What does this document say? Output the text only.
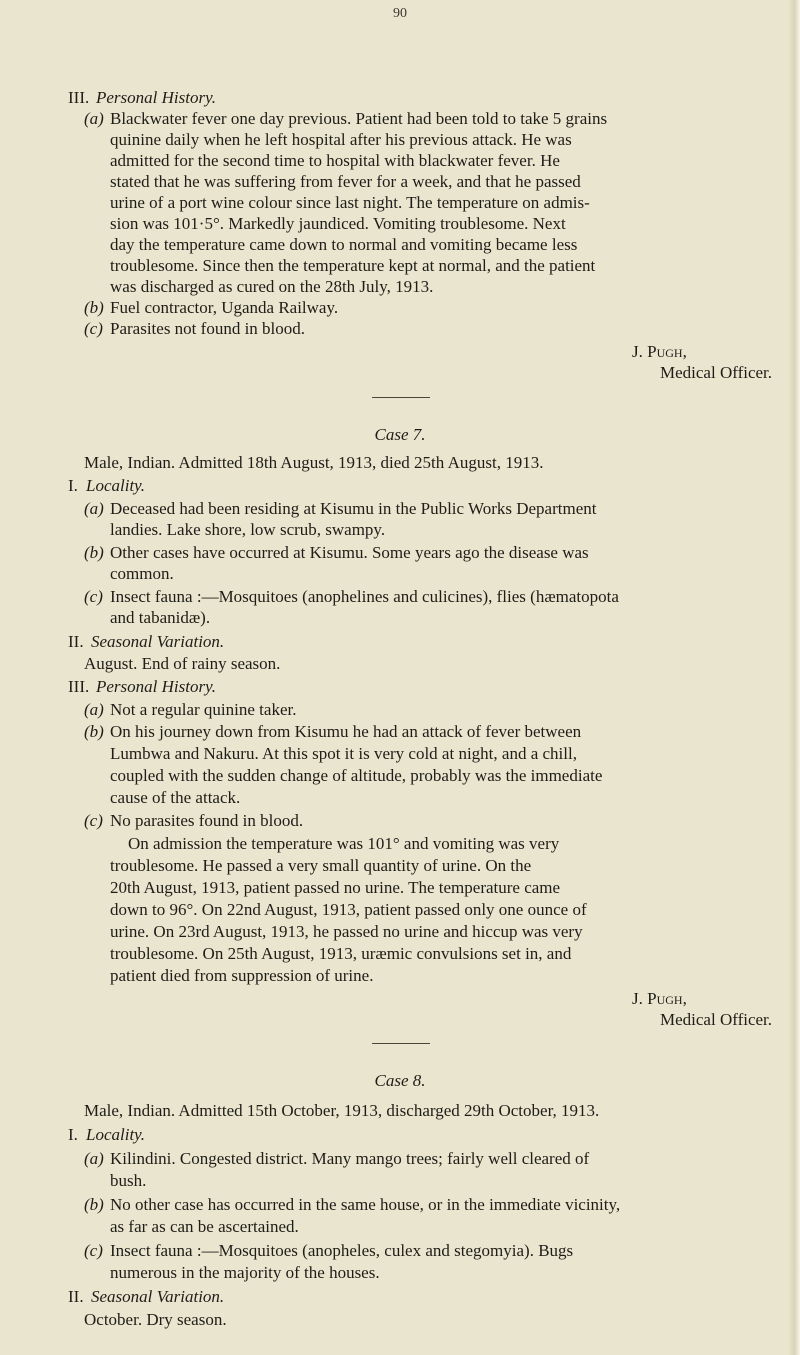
90
III. Personal History.
(a) Blackwater fever one day previous. Patient had been told to take 5 grains
quinine daily when he left hospital after his previous attack. He was
admitted for the second time to hospital with blackwater fever. He
stated that he was suffering from fever for a week, and that he passed
urine of a port wine colour since last night. The temperature on admis-
sion was 101·5°. Markedly jaundiced. Vomiting troublesome. Next
day the temperature came down to normal and vomiting became less
troublesome. Since then the temperature kept at normal, and the patient
was discharged as cured on the 28th July, 1913.
(b) Fuel contractor, Uganda Railway.
(c) Parasites not found in blood.
J. Pugh,
Medical Officer.
Case 7.
Male, Indian. Admitted 18th August, 1913, died 25th August, 1913.
I. Locality.
(a) Deceased had been residing at Kisumu in the Public Works Department
landies. Lake shore, low scrub, swampy.
(b) Other cases have occurred at Kisumu. Some years ago the disease was
common.
(c) Insect fauna :—Mosquitoes (anophelines and culicines), flies (hæmatopota
and tabanidæ).
II. Seasonal Variation.
August. End of rainy season.
III. Personal History.
(a) Not a regular quinine taker.
(b) On his journey down from Kisumu he had an attack of fever between
Lumbwa and Nakuru. At this spot it is very cold at night, and a chill,
coupled with the sudden change of altitude, probably was the immediate
cause of the attack.
(c) No parasites found in blood.
On admission the temperature was 101° and vomiting was very
troublesome. He passed a very small quantity of urine. On the
20th August, 1913, patient passed no urine. The temperature came
down to 96°. On 22nd August, 1913, patient passed only one ounce of
urine. On 23rd August, 1913, he passed no urine and hiccup was very
troublesome. On 25th August, 1913, uræmic convulsions set in, and
patient died from suppression of urine.
J. Pugh,
Medical Officer.
Case 8.
Male, Indian. Admitted 15th October, 1913, discharged 29th October, 1913.
I. Locality.
(a) Kilindini. Congested district. Many mango trees; fairly well cleared of
bush.
(b) No other case has occurred in the same house, or in the immediate vicinity,
as far as can be ascertained.
(c) Insect fauna :—Mosquitoes (anopheles, culex and stegomyia). Bugs
numerous in the majority of the houses.
II. Seasonal Variation.
October. Dry season.
